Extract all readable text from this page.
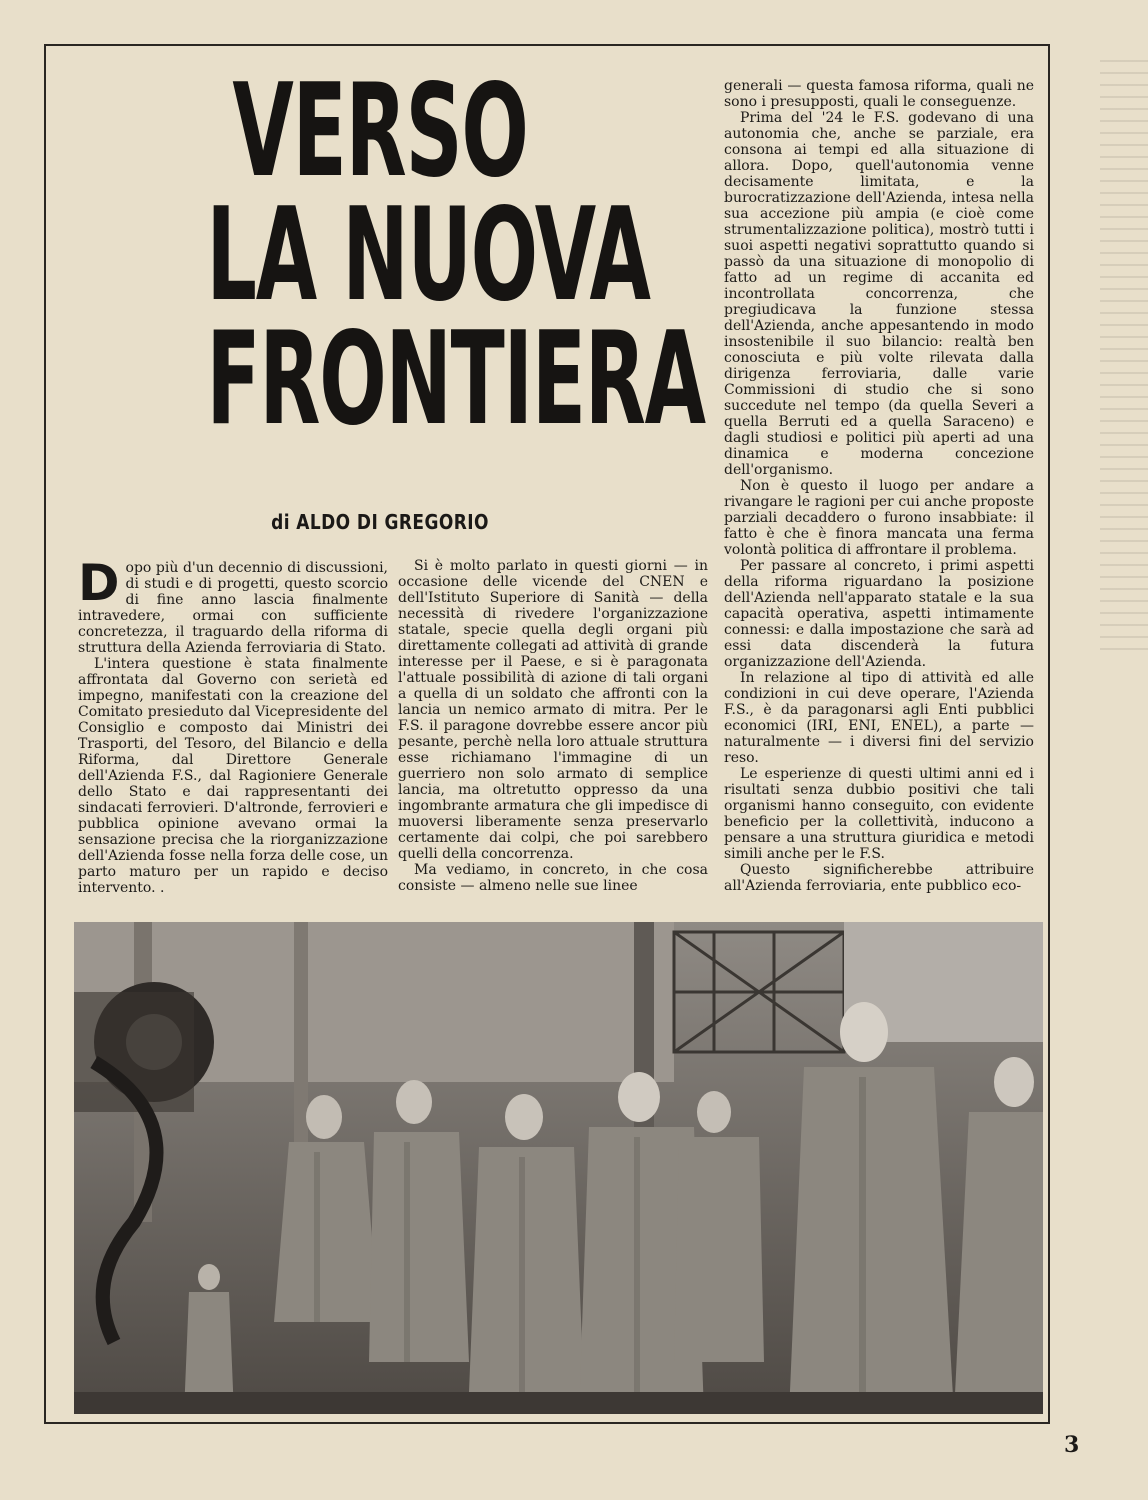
VERSO
LA NUOVA
FRONTIERA
di ALDO DI GREGORIO

Dopo più d'un decennio di discussioni, di studi e di progetti, questo scorcio di fine anno lascia finalmente intravedere, ormai con sufficiente concretezza, il traguardo della riforma di struttura della Azienda ferroviaria di Stato.

L'intera questione è stata finalmente affrontata dal Governo con serietà ed impegno, manifestati con la creazione del Comitato presieduto dal Vicepresidente del Consiglio e composto dai Ministri dei Trasporti, del Tesoro, del Bilancio e della Riforma, dal Direttore Generale dell'Azienda F.S., dal Ragioniere Generale dello Stato e dai rappresentanti dei sindacati ferrovieri. D'altronde, ferrovieri e pubblica opinione avevano ormai la sensazione precisa che la riorganizzazione dell'Azienda fosse nella forza delle cose, un parto maturo per un rapido e deciso intervento. .

Si è molto parlato in questi giorni — in occasione delle vicende del CNEN e dell'Istituto Superiore di Sanità — della necessità di rivedere l'organizzazione statale, specie quella degli organi più direttamente collegati ad attività di grande interesse per il Paese, e si è paragonata l'attuale possibilità di azione di tali organi a quella di un soldato che affronti con la lancia un nemico armato di mitra. Per le F.S. il paragone dovrebbe essere ancor più pesante, perchè nella loro attuale struttura esse richiamano l'immagine di un guerriero non solo armato di semplice lancia, ma oltretutto oppresso da una ingombrante armatura che gli impedisce di muoversi liberamente senza preservarlo certamente dai colpi, che poi sarebbero quelli della concorrenza.

Ma vediamo, in concreto, in che cosa consiste — almeno nelle sue linee

generali — questa famosa riforma, quali ne sono i presupposti, quali le conseguenze.

Prima del '24 le F.S. godevano di una autonomia che, anche se parziale, era consona ai tempi ed alla situazione di allora. Dopo, quell'autonomia venne decisamente limitata, e la burocratizzazione dell'Azienda, intesa nella sua accezione più ampia (e cioè come strumentalizzazione politica), mostrò tutti i suoi aspetti negativi soprattutto quando si passò da una situazione di monopolio di fatto ad un regime di accanita ed incontrollata concorrenza, che pregiudicava la funzione stessa dell'Azienda, anche appesantendo in modo insostenibile il suo bilancio: realtà ben conosciuta e più volte rilevata dalla dirigenza ferroviaria, dalle varie Commissioni di studio che si sono succedute nel tempo (da quella Severi a quella Berruti ed a quella Saraceno) e dagli studiosi e politici più aperti ad una dinamica e moderna concezione dell'organismo.

Non è questo il luogo per andare a rivangare le ragioni per cui anche proposte parziali decaddero o furono insabbiate: il fatto è che è finora mancata una ferma volontà politica di affrontare il problema.

Per passare al concreto, i primi aspetti della riforma riguardano la posizione dell'Azienda nell'apparato statale e la sua capacità operativa, aspetti intimamente connessi: e dalla impostazione che sarà ad essi data discenderà la futura organizzazione dell'Azienda.

In relazione al tipo di attività ed alle condizioni in cui deve operare, l'Azienda F.S., è da paragonarsi agli Enti pubblici economici (IRI, ENI, ENEL), a parte — naturalmente — i diversi fini del servizio reso.

Le esperienze di questi ultimi anni ed i risultati senza dubbio positivi che tali organismi hanno conseguito, con evidente beneficio per la collettività, inducono a pensare a una struttura giuridica e metodi simili anche per le F.S.

Questo significherebbe attribuire all'Azienda ferroviaria, ente pubblico eco-

3
